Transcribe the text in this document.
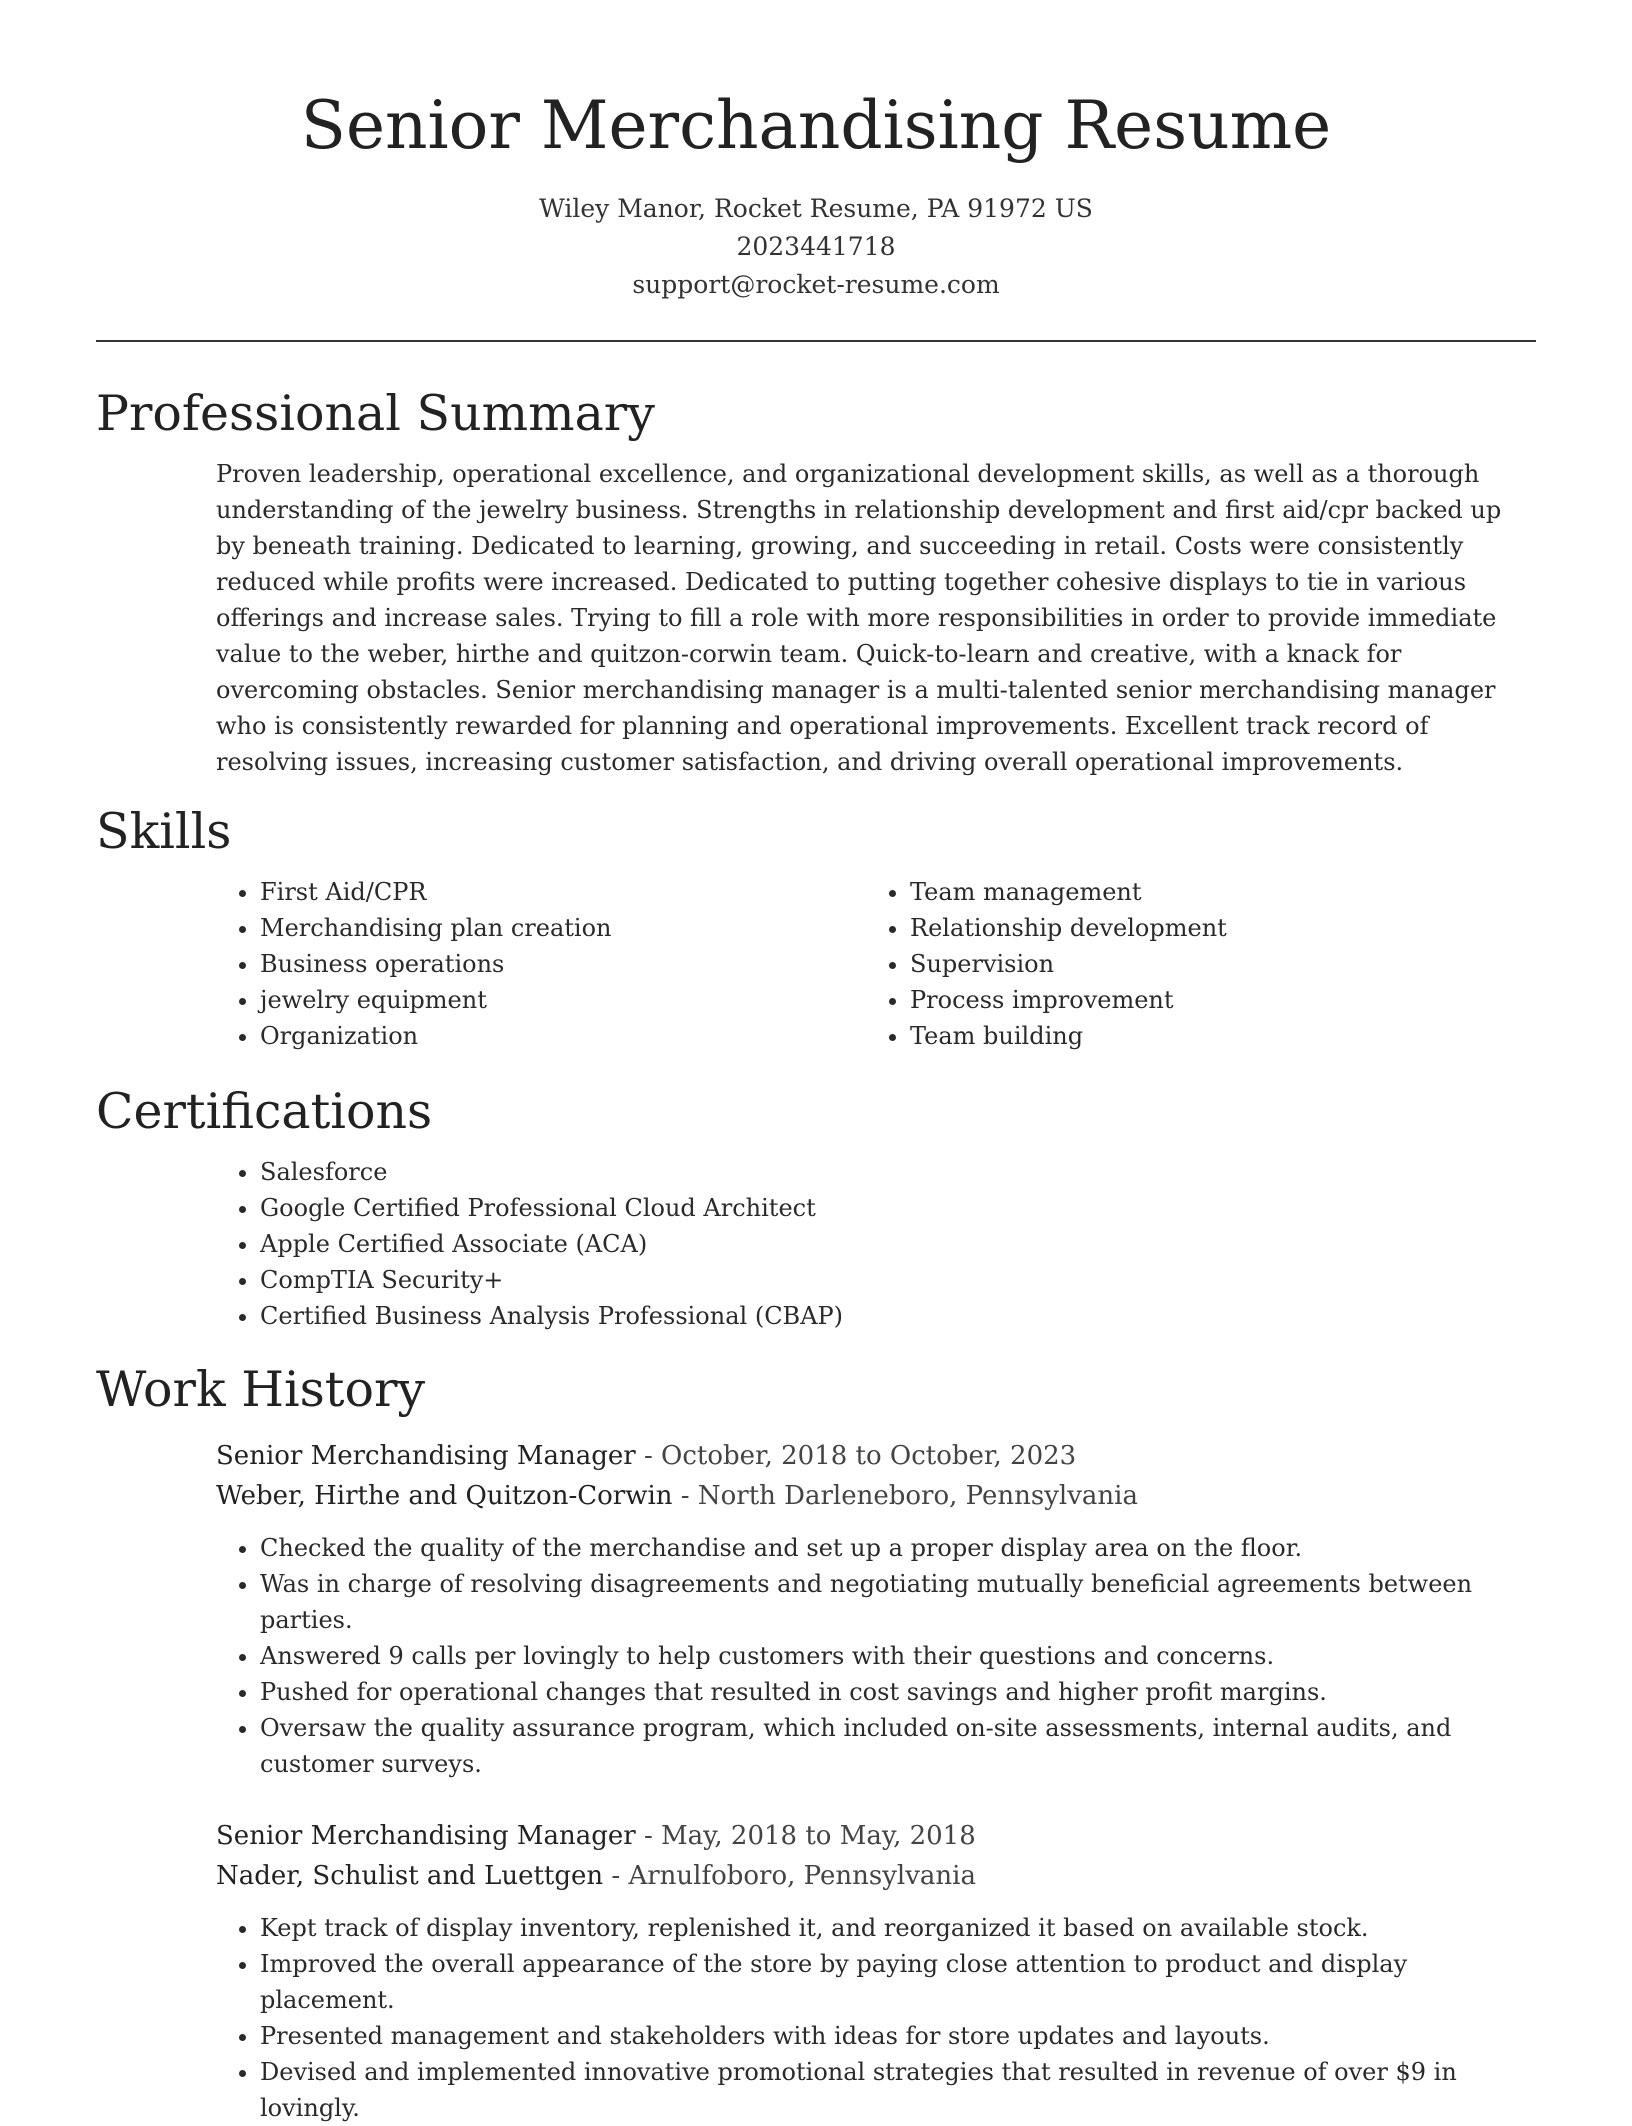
Senior Merchandising Resume
Wiley Manor, Rocket Resume, PA 91972 US
2023441718
support@rocket-resume.com
Professional Summary

Proven leadership, operational excellence, and organizational development skills, as well as a thorough understanding of the jewelry business. Strengths in relationship development and first aid/cpr backed up by beneath training. Dedicated to learning, growing, and succeeding in retail. Costs were consistently reduced while profits were increased. Dedicated to putting together cohesive displays to tie in various offerings and increase sales. Trying to fill a role with more responsibilities in order to provide immediate value to the weber, hirthe and quitzon-corwin team. Quick-to-learn and creative, with a knack for overcoming obstacles. Senior merchandising manager is a multi-talented senior merchandising manager who is consistently rewarded for planning and operational improvements. Excellent track record of resolving issues, increasing customer satisfaction, and driving overall operational improvements.

Skills
• First Aid/CPR
• Merchandising plan creation
• Business operations
• jewelry equipment
• Organization
• Team management
• Relationship development
• Supervision
• Process improvement
• Team building
Certifications
• Salesforce
• Google Certified Professional Cloud Architect
• Apple Certified Associate (ACA)
• CompTIA Security+
• Certified Business Analysis Professional (CBAP)
Work History
Senior Merchandising Manager - October, 2018 to October, 2023
Weber, Hirthe and Quitzon-Corwin - North Darleneboro, Pennsylvania
• Checked the quality of the merchandise and set up a proper display area on the floor.
• Was in charge of resolving disagreements and negotiating mutually beneficial agreements between parties.
• Answered 9 calls per lovingly to help customers with their questions and concerns.
• Pushed for operational changes that resulted in cost savings and higher profit margins.
• Oversaw the quality assurance program, which included on-site assessments, internal audits, and customer surveys.
Senior Merchandising Manager - May, 2018 to May, 2018
Nader, Schulist and Luettgen - Arnulfoboro, Pennsylvania
• Kept track of display inventory, replenished it, and reorganized it based on available stock.
• Improved the overall appearance of the store by paying close attention to product and display placement.
• Presented management and stakeholders with ideas for store updates and layouts.
• Devised and implemented innovative promotional strategies that resulted in revenue of over $9 in lovingly.
